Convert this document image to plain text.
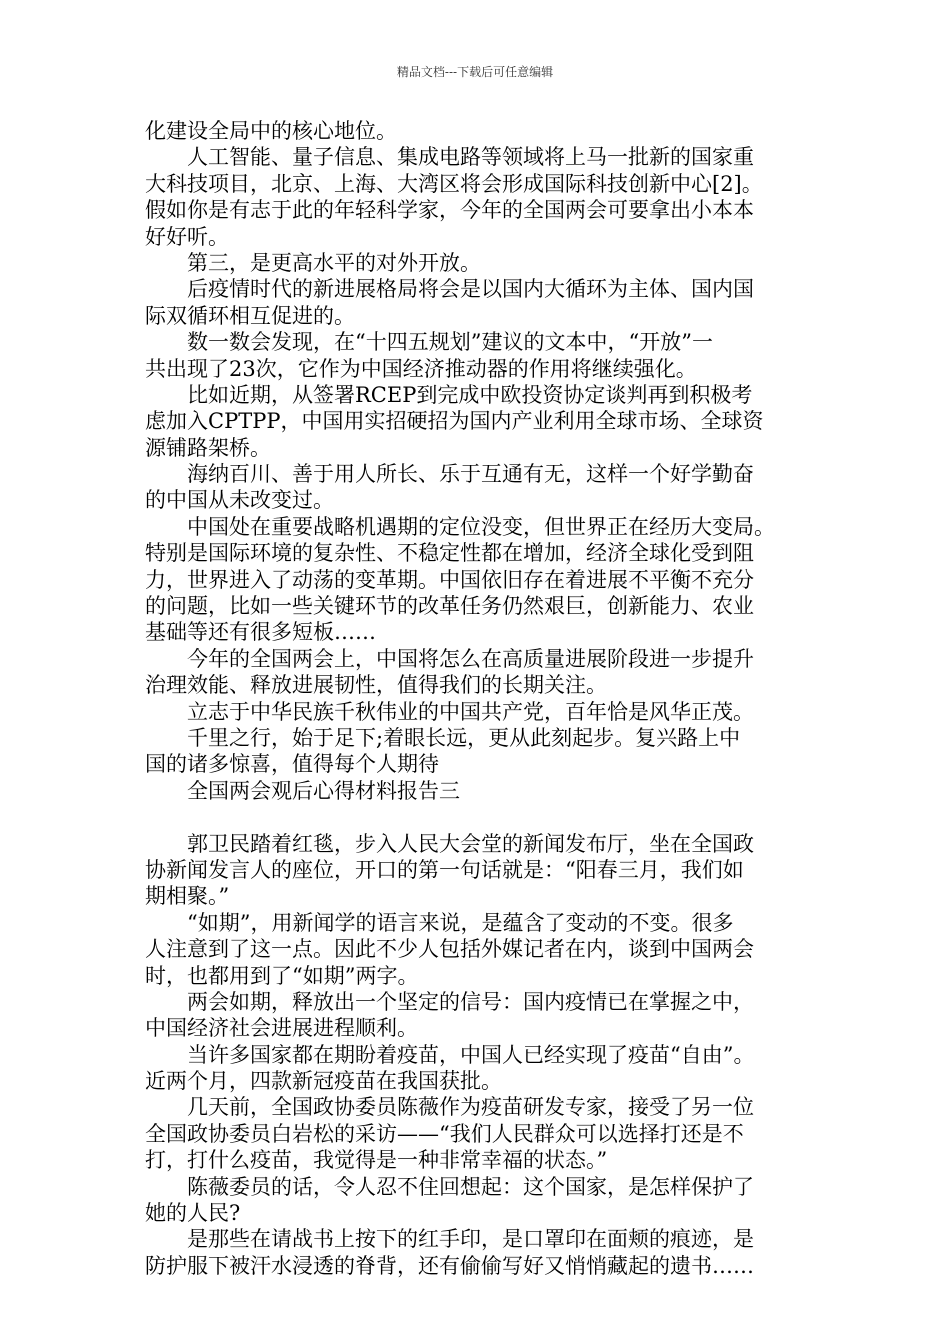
精品文档---下载后可任意编辑
化建设全局中的核心地位。
　　人工智能、量子信息、集成电路等领域将上马一批新的国家重
大科技项目，北京、上海、大湾区将会形成国际科技创新中心[2]。
假如你是有志于此的年轻科学家，今年的全国两会可要拿出小本本
好好听。
　　第三，是更高水平的对外开放。
　　后疫情时代的新进展格局将会是以国内大循环为主体、国内国
际双循环相互促进的。
　　数一数会发现，在“十四五规划”建议的文本中，“开放”一
共出现了23次，它作为中国经济推动器的作用将继续强化。
　　比如近期，从签署RCEP到完成中欧投资协定谈判再到积极考
虑加入CPTPP，中国用实招硬招为国内产业利用全球市场、全球资
源铺路架桥。
　　海纳百川、善于用人所长、乐于互通有无，这样一个好学勤奋
的中国从未改变过。
　　中国处在重要战略机遇期的定位没变，但世界正在经历大变局。
特别是国际环境的复杂性、不稳定性都在增加，经济全球化受到阻
力，世界进入了动荡的变革期。中国依旧存在着进展不平衡不充分
的问题，比如一些关键环节的改革任务仍然艰巨，创新能力、农业
基础等还有很多短板……
　　今年的全国两会上，中国将怎么在高质量进展阶段进一步提升
治理效能、释放进展韧性，值得我们的长期关注。
　　立志于中华民族千秋伟业的中国共产党，百年恰是风华正茂。
　　千里之行，始于足下;着眼长远，更从此刻起步。复兴路上中
国的诸多惊喜，值得每个人期待
　　全国两会观后心得材料报告三
　　郭卫民踏着红毯，步入人民大会堂的新闻发布厅，坐在全国政
协新闻发言人的座位，开口的第一句话就是：“阳春三月，我们如
期相聚。”
　　“如期”，用新闻学的语言来说，是蕴含了变动的不变。很多
人注意到了这一点。因此不少人包括外媒记者在内，谈到中国两会
时，也都用到了“如期”两字。
　　两会如期，释放出一个坚定的信号：国内疫情已在掌握之中，
中国经济社会进展进程顺利。
　　当许多国家都在期盼着疫苗，中国人已经实现了疫苗“自由”。
近两个月，四款新冠疫苗在我国获批。
　　几天前，全国政协委员陈薇作为疫苗研发专家，接受了另一位
全国政协委员白岩松的采访——“我们人民群众可以选择打还是不
打，打什么疫苗，我觉得是一种非常幸福的状态。”
　　陈薇委员的话，令人忍不住回想起：这个国家，是怎样保护了
她的人民?
　　是那些在请战书上按下的红手印，是口罩印在面颊的痕迹，是
防护服下被汗水浸透的脊背，还有偷偷写好又悄悄藏起的遗书……
